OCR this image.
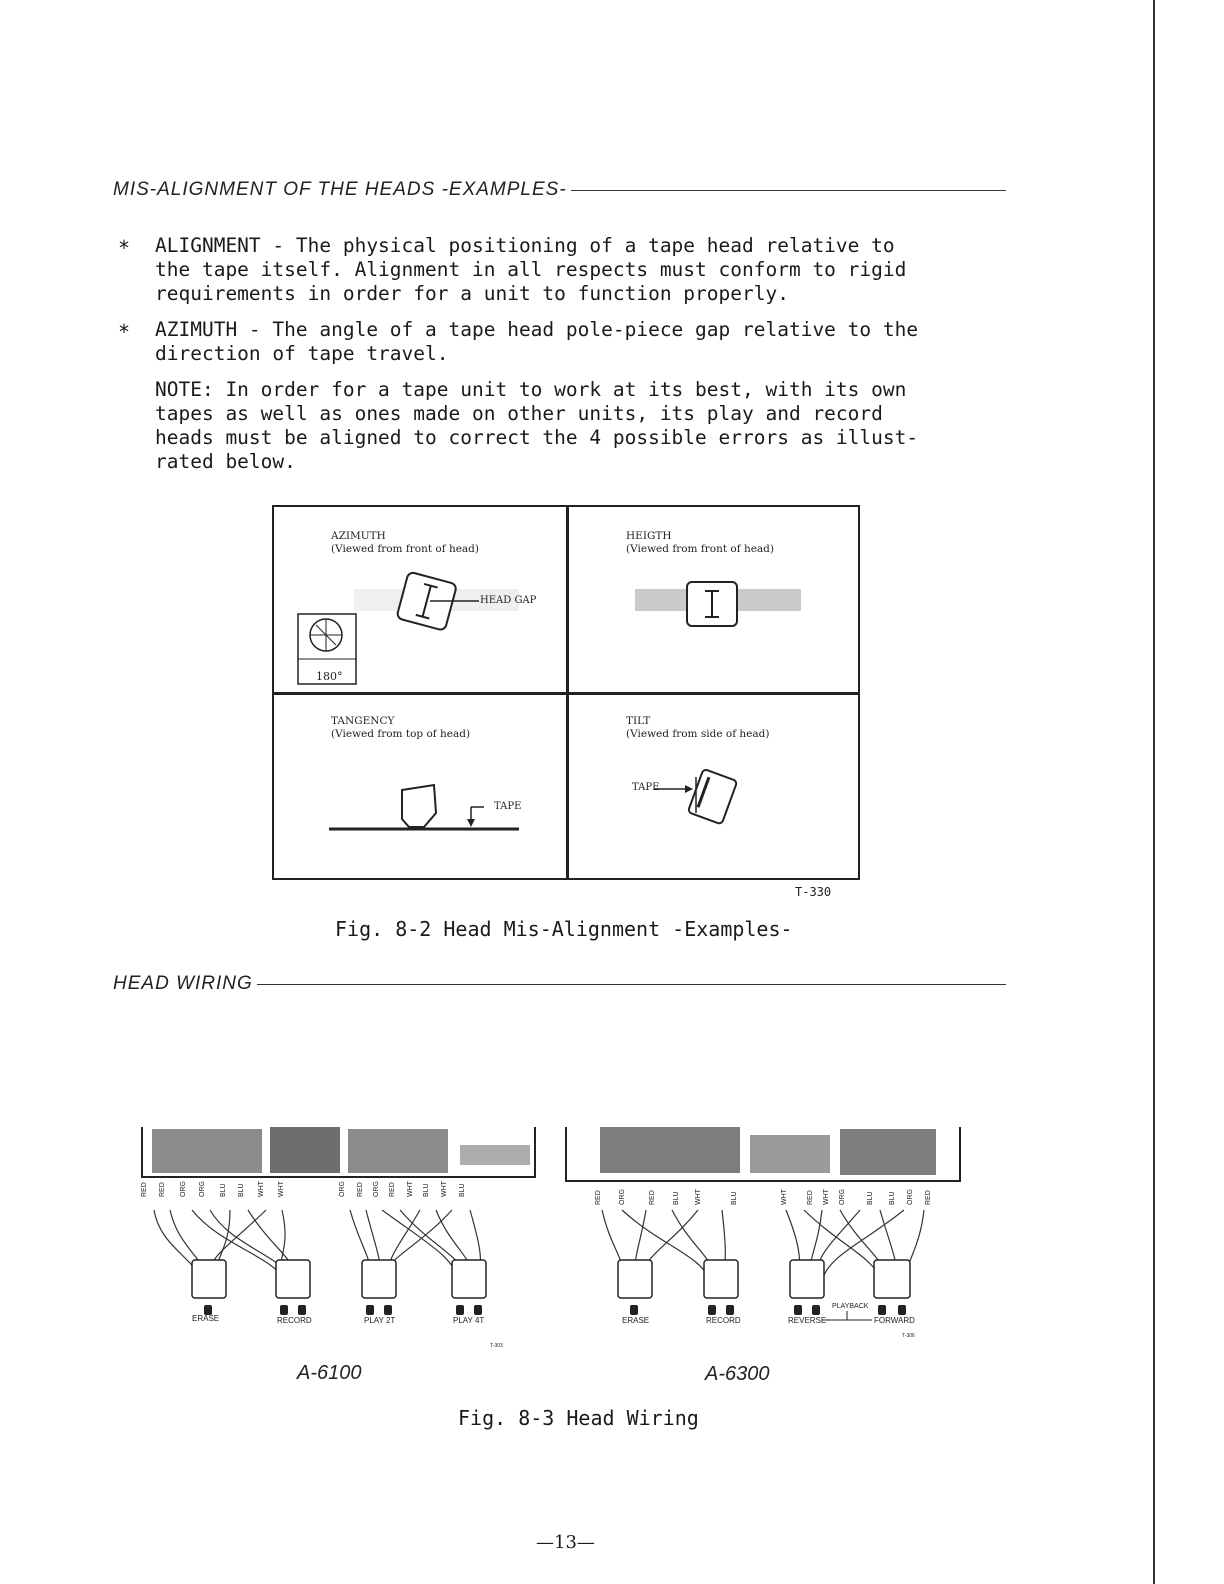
MIS-ALIGNMENT OF THE HEADS -EXAMPLES-
* ALIGNMENT - The physical positioning of a tape head relative to
the tape itself. Alignment in all respects must conform to rigid
requirements in order for a unit to function properly.
* AZIMUTH - The angle of a tape head pole-piece gap relative to the
direction of tape travel.
NOTE: In order for a tape unit to work at its best, with its own
tapes as well as ones made on other units, its play and record
heads must be aligned to correct the 4 possible errors as illust-
rated below.
AZIMUTH
(Viewed from front of head)
HEAD GAP
180°
HEIGTH
(Viewed from front of head)
TANGENCY
(Viewed from top of head)
TAPE
TILT
(Viewed from side of head)
TAPE
T-330
Fig. 8-2 Head Mis-Alignment -Examples-
HEAD WIRING
RED RED ORG ORG BLU BLU WHT WHT	ORG RED ORG RED WHT BLU WHT BLU
ERASE	RECORD	PLAY 2T	PLAY 4T
T-303
RED ORG	RED BLU WHT	BLU	WHT	RED WHT ORG	BLU BLU ORG RED
PLAYBACK
ERASE	RECORD	REVERSE	FORWARD
T-306
A-6100	A-6300
Fig. 8-3 Head Wiring
—13—
